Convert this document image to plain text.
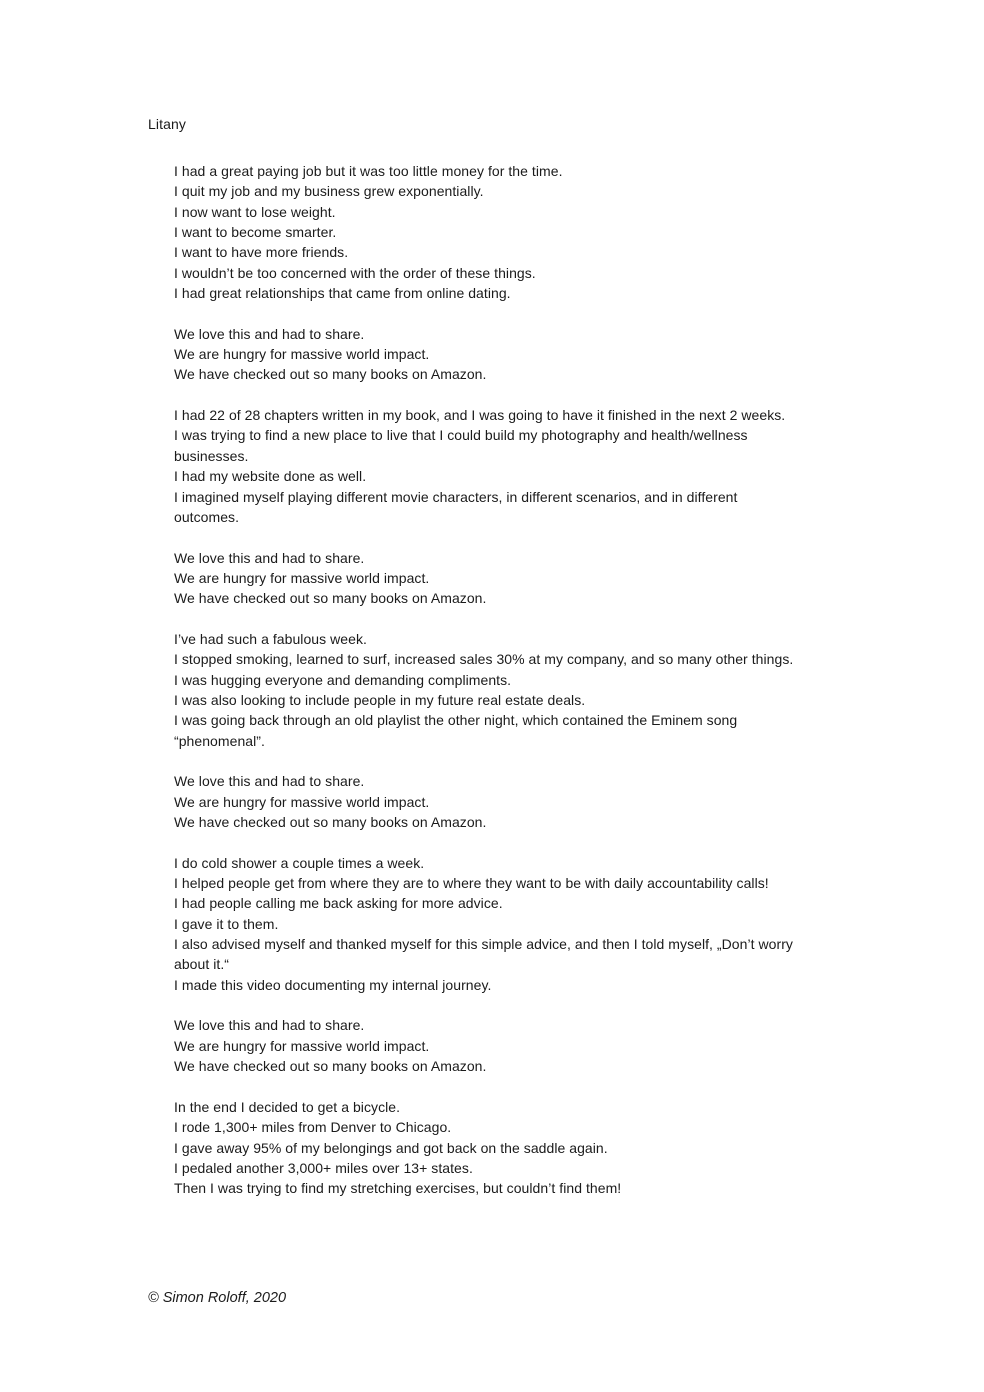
Litany

I had a great paying job but it was too little money for the time.
I quit my job and my business grew exponentially.
I now want to lose weight.
I want to become smarter.
I want to have more friends.
I wouldn’t be too concerned with the order of these things.
I had great relationships that came from online dating.

We love this and had to share.
We are hungry for massive world impact.
We have checked out so many books on Amazon.

I had 22 of 28 chapters written in my book, and I was going to have it finished in the next 2 weeks.
I was trying to find a new place to live that I could build my photography and health/wellness
businesses.
I had my website done as well.
I imagined myself playing different movie characters, in different scenarios, and in different
outcomes.

We love this and had to share.
We are hungry for massive world impact.
We have checked out so many books on Amazon.

I’ve had such a fabulous week.
I stopped smoking, learned to surf, increased sales 30% at my company, and so many other things.
I was hugging everyone and demanding compliments.
I was also looking to include people in my future real estate deals.
I was going back through an old playlist the other night, which contained the Eminem song
“phenomenal”.

We love this and had to share.
We are hungry for massive world impact.
We have checked out so many books on Amazon.

I do cold shower a couple times a week.
I helped people get from where they are to where they want to be with daily accountability calls!
I had people calling me back asking for more advice.
I gave it to them.
I also advised myself and thanked myself for this simple advice, and then I told myself, „Don’t worry
about it.“
I made this video documenting my internal journey.

We love this and had to share.
We are hungry for massive world impact.
We have checked out so many books on Amazon.

In the end I decided to get a bicycle.
I rode 1,300+ miles from Denver to Chicago.
I gave away 95% of my belongings and got back on the saddle again.
I pedaled another 3,000+ miles over 13+ states.
Then I was trying to find my stretching exercises, but couldn’t find them!

© Simon Roloff, 2020
